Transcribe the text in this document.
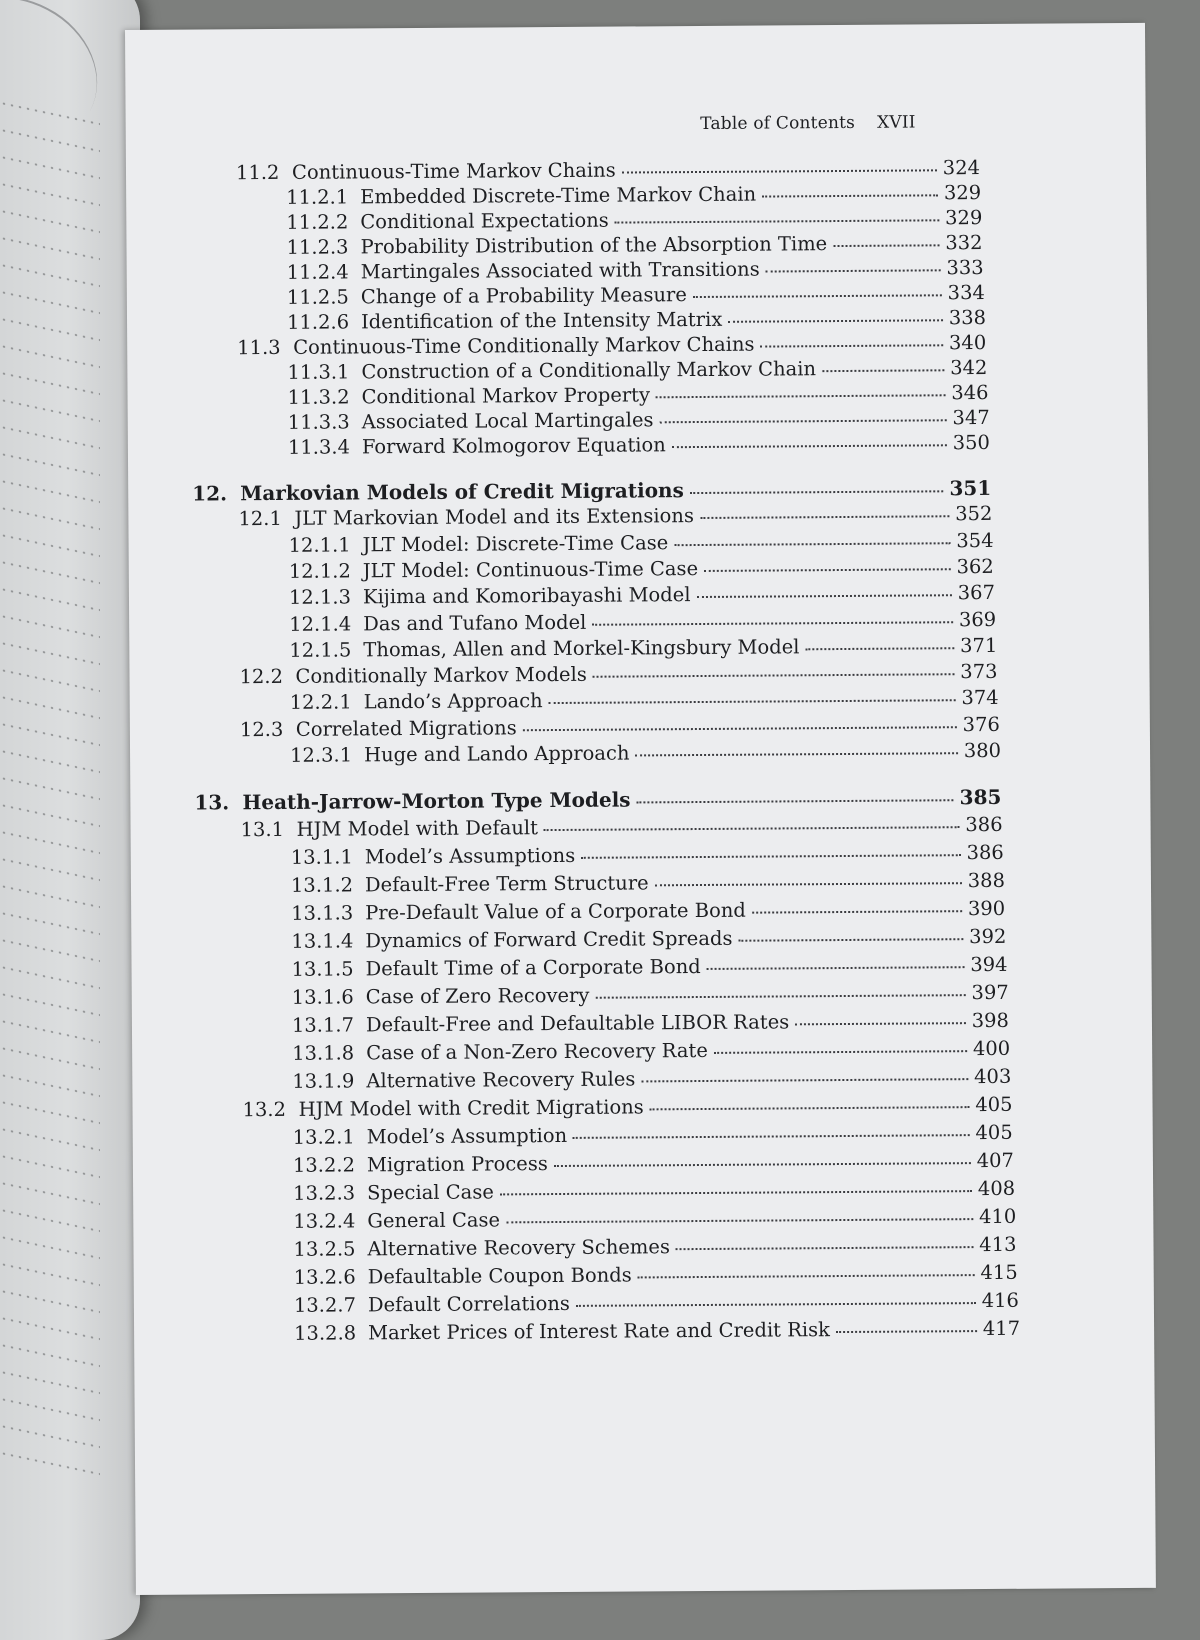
Table of Contents XVII
11.2 Continuous-Time Markov Chains	324
11.2.1 Embedded Discrete-Time Markov Chain	329
11.2.2 Conditional Expectations	329
11.2.3 Probability Distribution of the Absorption Time	332
11.2.4 Martingales Associated with Transitions	333
11.2.5 Change of a Probability Measure	334
11.2.6 Identification of the Intensity Matrix	338
11.3 Continuous-Time Conditionally Markov Chains	340
11.3.1 Construction of a Conditionally Markov Chain	342
11.3.2 Conditional Markov Property	346
11.3.3 Associated Local Martingales	347
11.3.4 Forward Kolmogorov Equation	350
12. Markovian Models of Credit Migrations	351
12.1 JLT Markovian Model and its Extensions	352
12.1.1 JLT Model: Discrete-Time Case	354
12.1.2 JLT Model: Continuous-Time Case	362
12.1.3 Kijima and Komoribayashi Model	367
12.1.4 Das and Tufano Model	369
12.1.5 Thomas, Allen and Morkel-Kingsbury Model	371
12.2 Conditionally Markov Models	373
12.2.1 Lando’s Approach	374
12.3 Correlated Migrations	376
12.3.1 Huge and Lando Approach	380
13. Heath-Jarrow-Morton Type Models	385
13.1 HJM Model with Default	386
13.1.1 Model’s Assumptions	386
13.1.2 Default-Free Term Structure	388
13.1.3 Pre-Default Value of a Corporate Bond	390
13.1.4 Dynamics of Forward Credit Spreads	392
13.1.5 Default Time of a Corporate Bond	394
13.1.6 Case of Zero Recovery	397
13.1.7 Default-Free and Defaultable LIBOR Rates	398
13.1.8 Case of a Non-Zero Recovery Rate	400
13.1.9 Alternative Recovery Rules	403
13.2 HJM Model with Credit Migrations	405
13.2.1 Model’s Assumption	405
13.2.2 Migration Process	407
13.2.3 Special Case	408
13.2.4 General Case	410
13.2.5 Alternative Recovery Schemes	413
13.2.6 Defaultable Coupon Bonds	415
13.2.7 Default Correlations	416
13.2.8 Market Prices of Interest Rate and Credit Risk	417
